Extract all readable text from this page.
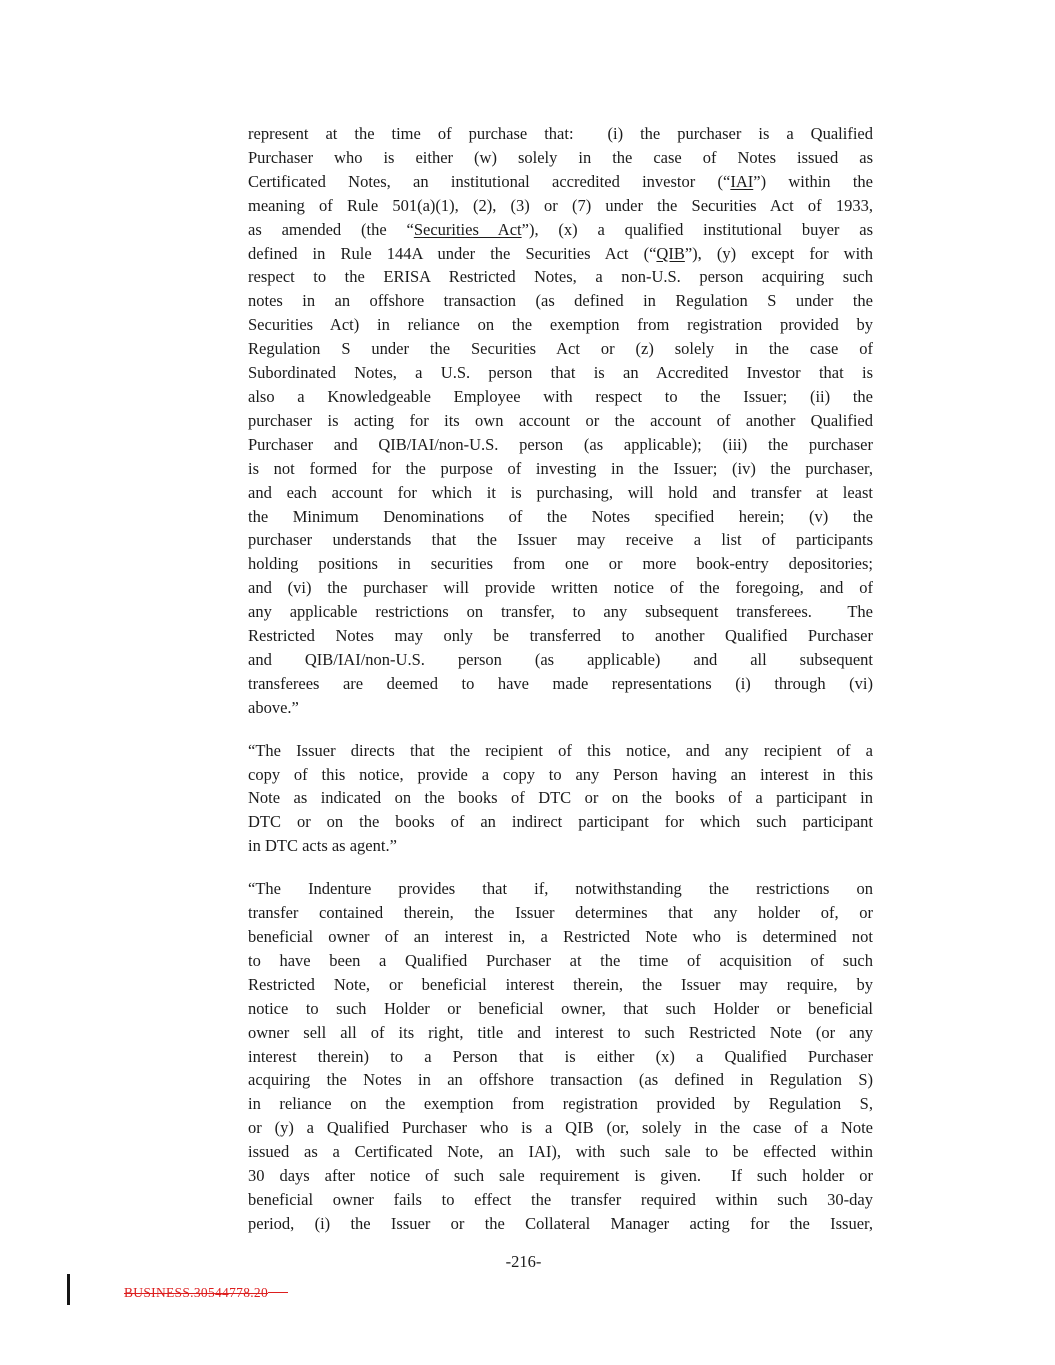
represent at the time of purchase that:  (i) the purchaser is a Qualified
Purchaser who is either (w) solely in the case of Notes issued as
Certificated Notes, an institutional accredited investor (“IAI”) within the
meaning of Rule 501(a)(1), (2), (3) or (7) under the Securities Act of 1933,
as amended (the “Securities Act”), (x) a qualified institutional buyer as
defined in Rule 144A under the Securities Act (“QIB”), (y) except for with
respect to the ERISA Restricted Notes, a non-U.S. person acquiring such
notes in an offshore transaction (as defined in Regulation S under the
Securities Act) in reliance on the exemption from registration provided by
Regulation S under the Securities Act or (z) solely in the case of
Subordinated Notes, a U.S. person that is an Accredited Investor that is
also a Knowledgeable Employee with respect to the Issuer; (ii) the
purchaser is acting for its own account or the account of another Qualified
Purchaser and QIB/IAI/non-U.S. person (as applicable); (iii) the purchaser
is not formed for the purpose of investing in the Issuer; (iv) the purchaser,
and each account for which it is purchasing, will hold and transfer at least
the Minimum Denominations of the Notes specified herein; (v) the
purchaser understands that the Issuer may receive a list of participants
holding positions in securities from one or more book-entry depositories;
and (vi) the purchaser will provide written notice of the foregoing, and of
any applicable restrictions on transfer, to any subsequent transferees.  The
Restricted Notes may only be transferred to another Qualified Purchaser
and QIB/IAI/non-U.S. person (as applicable) and all subsequent
transferees are deemed to have made representations (i) through (vi)
above.”
“The Issuer directs that the recipient of this notice, and any recipient of a
copy of this notice, provide a copy to any Person having an interest in this
Note as indicated on the books of DTC or on the books of a participant in
DTC or on the books of an indirect participant for which such participant
in DTC acts as agent.”
“The Indenture provides that if, notwithstanding the restrictions on
transfer contained therein, the Issuer determines that any holder of, or
beneficial owner of an interest in, a Restricted Note who is determined not
to have been a Qualified Purchaser at the time of acquisition of such
Restricted Note, or beneficial interest therein, the Issuer may require, by
notice to such Holder or beneficial owner, that such Holder or beneficial
owner sell all of its right, title and interest to such Restricted Note (or any
interest therein) to a Person that is either (x) a Qualified Purchaser
acquiring the Notes in an offshore transaction (as defined in Regulation S)
in reliance on the exemption from registration provided by Regulation S,
or (y) a Qualified Purchaser who is a QIB (or, solely in the case of a Note
issued as a Certificated Note, an IAI), with such sale to be effected within
30 days after notice of such sale requirement is given.  If such holder or
beneficial owner fails to effect the transfer required within such 30-day
period, (i) the Issuer or the Collateral Manager acting for the Issuer,
-216-
BUSINESS.30544778.20
